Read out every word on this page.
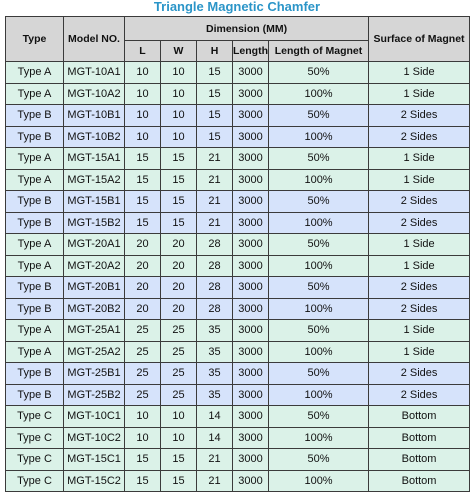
Triangle Magnetic Chamfer
Type	Model NO.	Dimension (MM)					Surface of Magnet
		L	W	H	Length	Length of Magnet	
Type A	MGT-10A1	10	10	15	3000	50%	1 Side
Type A	MGT-10A2	10	10	15	3000	100%	1 Side
Type B	MGT-10B1	10	10	15	3000	50%	2 Sides
Type B	MGT-10B2	10	10	15	3000	100%	2 Sides
Type A	MGT-15A1	15	15	21	3000	50%	1 Side
Type A	MGT-15A2	15	15	21	3000	100%	1 Side
Type B	MGT-15B1	15	15	21	3000	50%	2 Sides
Type B	MGT-15B2	15	15	21	3000	100%	2 Sides
Type A	MGT-20A1	20	20	28	3000	50%	1 Side
Type A	MGT-20A2	20	20	28	3000	100%	1 Side
Type B	MGT-20B1	20	20	28	3000	50%	2 Sides
Type B	MGT-20B2	20	20	28	3000	100%	2 Sides
Type A	MGT-25A1	25	25	35	3000	50%	1 Side
Type A	MGT-25A2	25	25	35	3000	100%	1 Side
Type B	MGT-25B1	25	25	35	3000	50%	2 Sides
Type B	MGT-25B2	25	25	35	3000	100%	2 Sides
Type C	MGT-10C1	10	10	14	3000	50%	Bottom
Type C	MGT-10C2	10	10	14	3000	100%	Bottom
Type C	MGT-15C1	15	15	21	3000	50%	Bottom
Type C	MGT-15C2	15	15	21	3000	100%	Bottom
